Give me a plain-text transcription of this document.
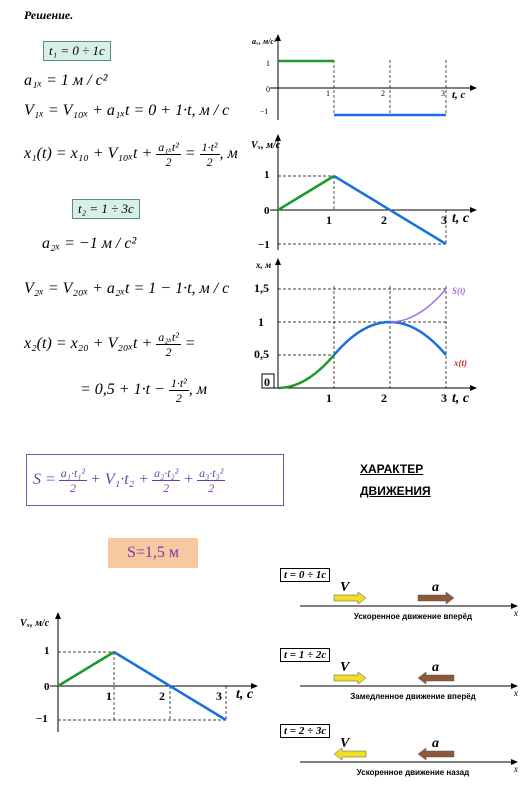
Решение.
t₁ = 0 ÷ 1c
a₁ₓ = 1 м / c²
V₁ₓ = V₁₀ₓ + a₁ₓt = 0 + 1·t, м / c
$x_1(t) = x_{10} + V_{10x}t + \frac{\text{a₁ₓt²}}{2} = \frac{\text{1·t²}}{2}$ , м
t₂ = 1 ÷ 3c
a₂ₓ = −1 м / c²
V₂ₓ = V₂₀ₓ + a₂ₓt = 1 − 1·t, м / c
$x_2(t) = x_{20} + V_{20x}t + \frac{\text{a₂ₓt²}}{2}$ =
= $0,5 + 1\cdot t - \frac{\text{1·t²}}{2}$ , м
$S = \frac{\text{a₁·t₁²}}{2} + V_1\cdot t_2 + \frac{\text{a₂·t₂²}}{2} + \frac{\text{a₃·t₃²}}{2}$	ХАРАКТЕР ДВИЖЕНИЯ
S=1,5 м
aₓ, м/c²
t, c
1
0
−1
1	2	3
Vₓ, м/c
t, c
1
0
−1
1	2	3
x, м
t, c
1,5
1
0,5
0
1	2	3
S(t)
x(t)
Vₓ, м/c
t, c
1
0
−1
1	2	3
t = 0 ÷ 1c
V	a
x
Ускоренное движение вперёд
t = 1 ÷ 2c
V	a
x
Замедленное движение вперёд
t = 2 ÷ 3c
V	a
x
Ускоренное движение назад
